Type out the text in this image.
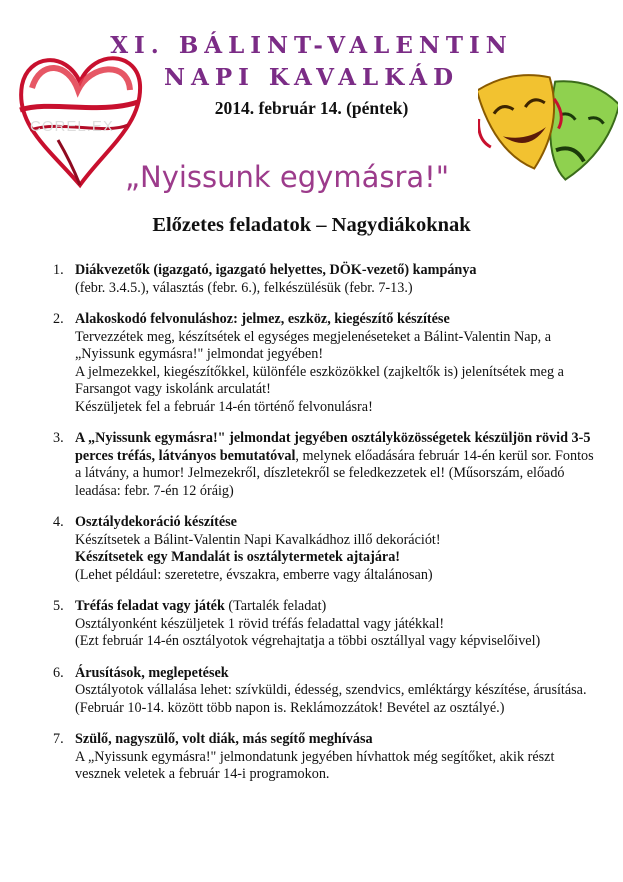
COREL.EX
XI. BÁLINT-VALENTIN
NAPI KAVALKÁD
2014. február 14. (péntek)
„Nyissunk egymásra!"
Előzetes feladatok – Nagydiákoknak
1. Diákvezetők (igazgató, igazgató helyettes, DÖK-vezető) kampánya
(febr. 3.4.5.), választás (febr. 6.), felkészülésük (febr. 7-13.)
2. Alakoskodó felvonuláshoz: jelmez, eszköz, kiegészítő készítése
Tervezzétek meg, készítsétek el egységes megjelenéseteket a Bálint-Valentin Nap, a „Nyissunk egymásra!" jelmondat jegyében!
A jelmezekkel, kiegészítőkkel, különféle eszközökkel (zajkeltők is) jelenítsétek meg a Farsangot vagy iskolánk arculatát!
Készüljetek fel a február 14-én történő felvonulásra!
3. A „Nyissunk egymásra!" jelmondat jegyében osztályközösségetek készüljön rövid 3-5 perces tréfás, látványos bemutatóval, melynek előadására február 14-én kerül sor. Fontos a látvány, a humor! Jelmezekről, díszletekről se feledkezzetek el! (Műsorszám, előadó leadása: febr. 7-én 12 óráig)
4. Osztálydekoráció készítése
Készítsetek a Bálint-Valentin Napi Kavalkádhoz illő dekorációt!
Készítsetek egy Mandalát is osztálytermetek ajtajára!
(Lehet például: szeretetre, évszakra, emberre vagy általánosan)
5. Tréfás feladat vagy játék (Tartalék feladat)
Osztályonként készüljetek 1 rövid tréfás feladattal vagy játékkal!
(Ezt február 14-én osztályotok végrehajtatja a többi osztállyal vagy képviselőivel)
6. Árusítások, meglepetések
Osztályotok vállalása lehet: szívküldi, édesség, szendvics, emléktárgy készítése, árusítása. (Február 10-14. között több napon is. Reklámozzátok! Bevétel az osztályé.)
7. Szülő, nagyszülő, volt diák, más segítő meghívása
A „Nyissunk egymásra!" jelmondatunk jegyében hívhattok még segítőket, akik részt vesznek veletek a február 14-i programokon.
